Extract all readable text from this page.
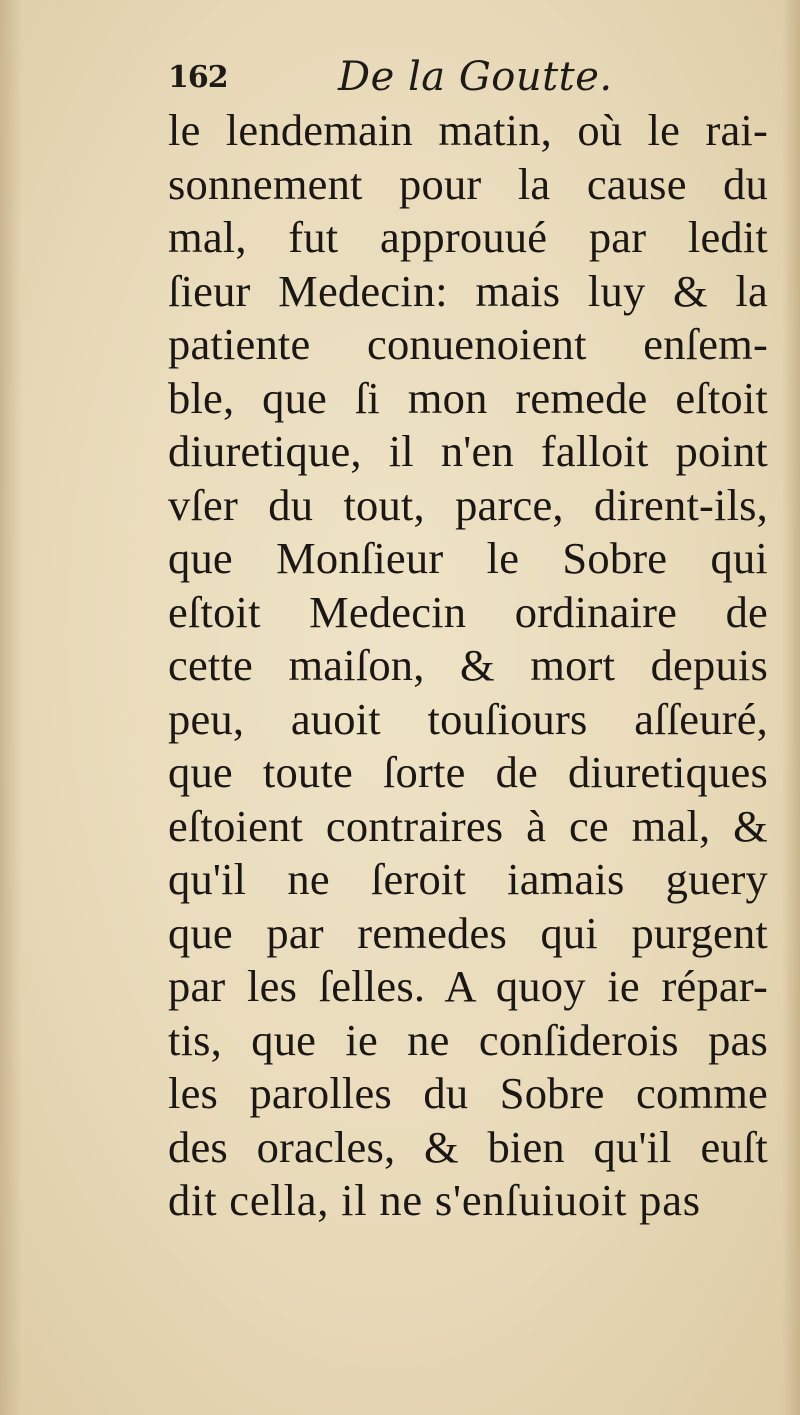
162	De la Goutte.
le lendemain matin, où le rai-
sonnement pour la cause du
mal, fut approuué par ledit
ſieur Medecin: mais luy & la
patiente conuenoient enſem-
ble, que ſi mon remede eſtoit
diuretique, il n'en falloit point
vſer du tout, parce, dirent-ils,
que Monſieur le Sobre qui
eſtoit Medecin ordinaire de
cette maiſon, & mort depuis
peu, auoit touſiours aſſeuré,
que toute ſorte de diuretiques
eſtoient contraires à ce mal, &
qu'il ne ſeroit iamais guery
que par remedes qui purgent
par les ſelles. A quoy ie répar-
tis, que ie ne conſiderois pas
les parolles du Sobre comme
des oracles, & bien qu'il euſt
dit cella, il ne s'enſuiuoit pas
